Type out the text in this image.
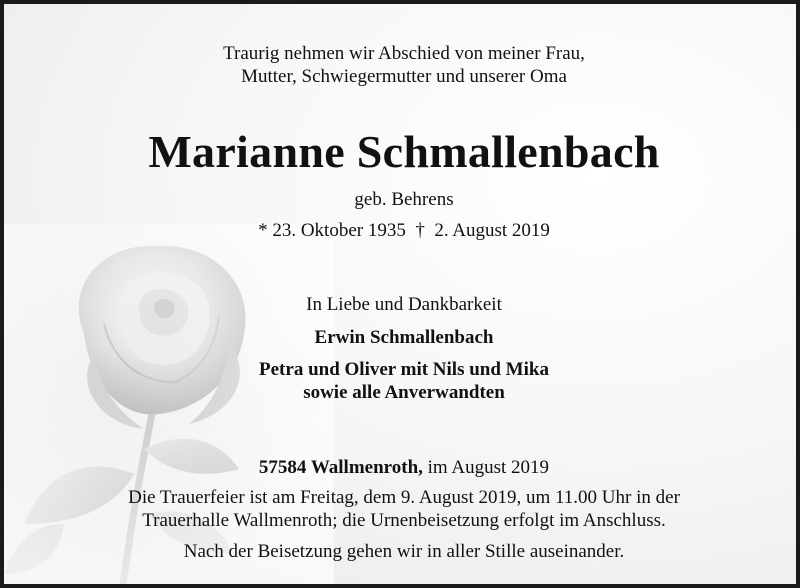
Traurig nehmen wir Abschied von meiner Frau,
Mutter, Schwiegermutter und unserer Oma
Marianne Schmallenbach
geb. Behrens
* 23. Oktober 1935  †  2. August 2019
In Liebe und Dankbarkeit
Erwin Schmallenbach
Petra und Oliver mit Nils und Mika
sowie alle Anverwandten
57584 Wallmenroth, im August 2019
Die Trauerfeier ist am Freitag, dem 9. August 2019, um 11.00 Uhr in der
Trauerhalle Wallmenroth; die Urnenbeisetzung erfolgt im Anschluss.
Nach der Beisetzung gehen wir in aller Stille auseinander.
